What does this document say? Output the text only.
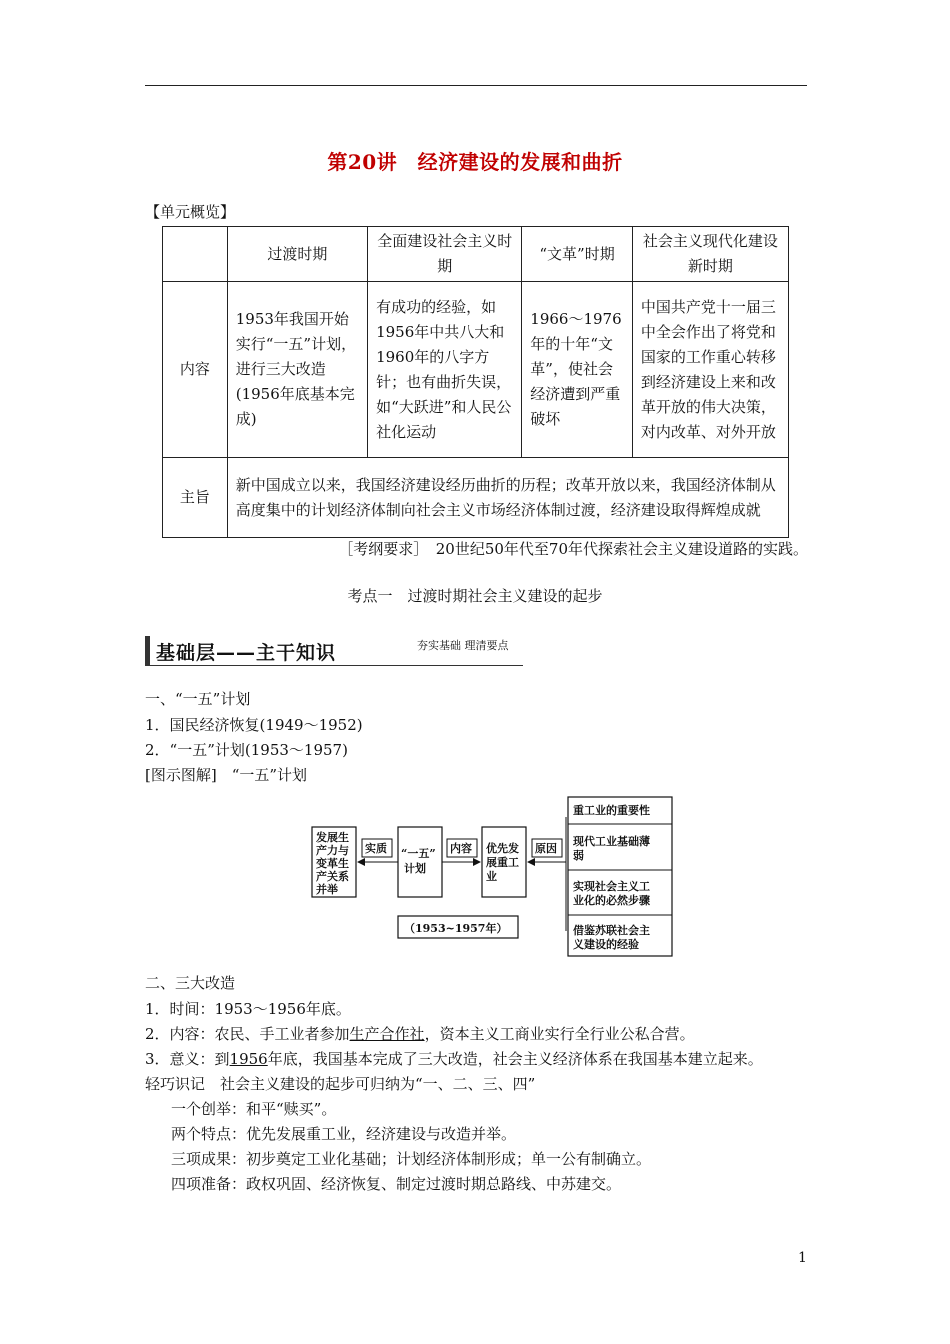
第20讲　经济建设的发展和曲折
【单元概览】
	过渡时期	全面建设社会主义时期	“文革”时期	社会主义现代化建设新时期
内容	1953年我国开始实行“一五”计划，进行三大改造(1956年底基本完成)	有成功的经验，如1956年中共八大和1960年的八字方针；也有曲折失误，如“大跃进”和人民公社化运动	1966～1976年的十年“文革”，使社会经济遭到严重破坏	中国共产党十一届三中全会作出了将党和国家的工作重心转移到经济建设上来和改革开放的伟大决策，对内改革、对外开放
主旨	新中国成立以来，我国经济建设经历曲折的历程；改革开放以来，我国经济体制从高度集中的计划经济体制向社会主义市场经济体制过渡，经济建设取得辉煌成就			
［考纲要求］　20世纪50年代至70年代探索社会主义建设道路的实践。
考点一　过渡时期社会主义建设的起步
基础层——主干知识	夯实基础 理清要点
一、“一五”计划
1．国民经济恢复(1949～1952)
2．“一五”计划(1953～1957)
[图示图解]　“一五”计划
发展生
产力与
变革生
产关系
并举
实质 “一五”
计划
内容 优先发
展重工
业
原因
重工业的重要性
现代工业基础薄
弱
实现社会主义工
业化的必然步骤
借鉴苏联社会主
义建设的经验
（1953~1957年）
二、三大改造
1．时间：1953～1956年底。
2．内容：农民、手工业者参加生产合作社，资本主义工商业实行全行业公私合营。
3．意义：到1956年底，我国基本完成了三大改造，社会主义经济体系在我国基本建立起来。
轻巧识记　社会主义建设的起步可归纳为“一、二、三、四”
一个创举：和平“赎买”。
两个特点：优先发展重工业，经济建设与改造并举。
三项成果：初步奠定工业化基础；计划经济体制形成；单一公有制确立。
四项准备：政权巩固、经济恢复、制定过渡时期总路线、中苏建交。
1
